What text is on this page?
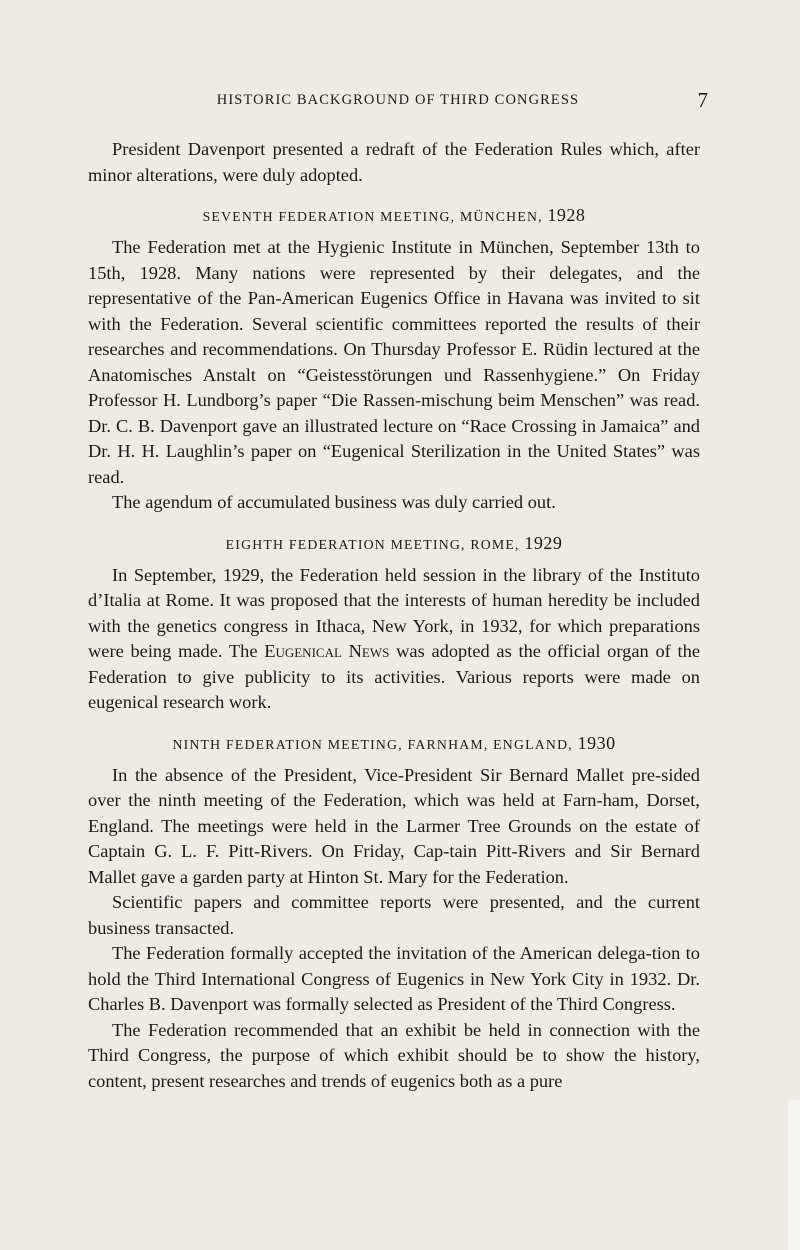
HISTORIC BACKGROUND OF THIRD CONGRESS	7

President Davenport presented a redraft of the Federation Rules which, after minor alterations, were duly adopted.

SEVENTH FEDERATION MEETING, MÜNCHEN, 1928

The Federation met at the Hygienic Institute in München, September 13th to 15th, 1928. Many nations were represented by their delegates, and the representative of the Pan-American Eugenics Office in Havana was invited to sit with the Federation. Several scientific committees reported the results of their researches and recommendations. On Thursday Professor E. Rüdin lectured at the Anatomisches Anstalt on “Geistesstörungen und Rassenhygiene.” On Friday Professor H. Lundborg’s paper “Die Rassen-mischung beim Menschen” was read. Dr. C. B. Davenport gave an illustrated lecture on “Race Crossing in Jamaica” and Dr. H. H. Laughlin’s paper on “Eugenical Sterilization in the United States” was read.

The agendum of accumulated business was duly carried out.

EIGHTH FEDERATION MEETING, ROME, 1929

In September, 1929, the Federation held session in the library of the Instituto d’Italia at Rome. It was proposed that the interests of human heredity be included with the genetics congress in Ithaca, New York, in 1932, for which preparations were being made. The Eugenical News was adopted as the official organ of the Federation to give publicity to its activities. Various reports were made on eugenical research work.

NINTH FEDERATION MEETING, FARNHAM, ENGLAND, 1930

In the absence of the President, Vice-President Sir Bernard Mallet pre-sided over the ninth meeting of the Federation, which was held at Farn-ham, Dorset, England. The meetings were held in the Larmer Tree Grounds on the estate of Captain G. L. F. Pitt-Rivers. On Friday, Cap-tain Pitt-Rivers and Sir Bernard Mallet gave a garden party at Hinton St. Mary for the Federation.

Scientific papers and committee reports were presented, and the current business transacted.

The Federation formally accepted the invitation of the American delega-tion to hold the Third International Congress of Eugenics in New York City in 1932. Dr. Charles B. Davenport was formally selected as President of the Third Congress.

The Federation recommended that an exhibit be held in connection with the Third Congress, the purpose of which exhibit should be to show the history, content, present researches and trends of eugenics both as a pure
